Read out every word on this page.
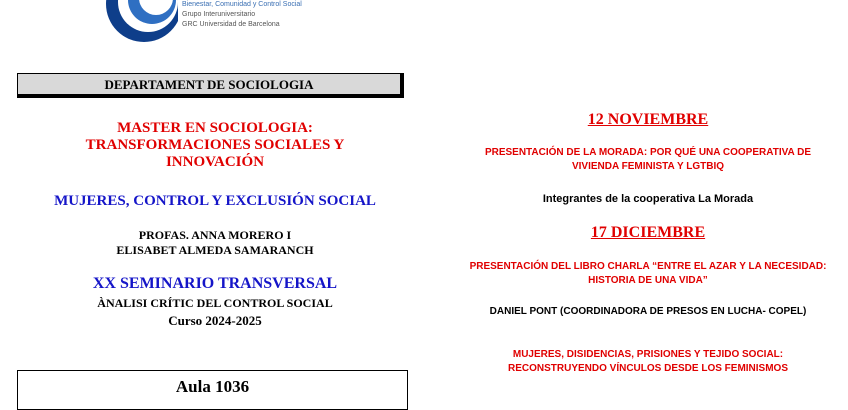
Bienestar, Comunidad y Control Social
Grupo Interuniversitario
GRC Universidad de Barcelona
DEPARTAMENT DE SOCIOLOGIA
MASTER EN SOCIOLOGIA:
TRANSFORMACIONES SOCIALES Y
INNOVACIÓN
MUJERES, CONTROL Y EXCLUSIÓN SOCIAL
PROFAS. ANNA MORERO I
ELISABET ALMEDA SAMARANCH
XX SEMINARIO TRANSVERSAL
ÀNALISI CRÍTIC DEL CONTROL SOCIAL
Curso 2024-2025
Aula 1036
12 NOVIEMBRE
PRESENTACIÓN DE LA MORADA: POR QUÉ UNA COOPERATIVA DE
VIVIENDA FEMINISTA Y LGTBIQ
Integrantes de la cooperativa La Morada
17 DICIEMBRE
PRESENTACIÓN DEL LIBRO CHARLA “ENTRE EL AZAR Y LA NECESIDAD:
HISTORIA DE UNA VIDA”
DANIEL PONT (COORDINADORA DE PRESOS EN LUCHA- COPEL)
MUJERES, DISIDENCIAS, PRISIONES Y TEJIDO SOCIAL:
RECONSTRUYENDO VÍNCULOS DESDE LOS FEMINISMOS
